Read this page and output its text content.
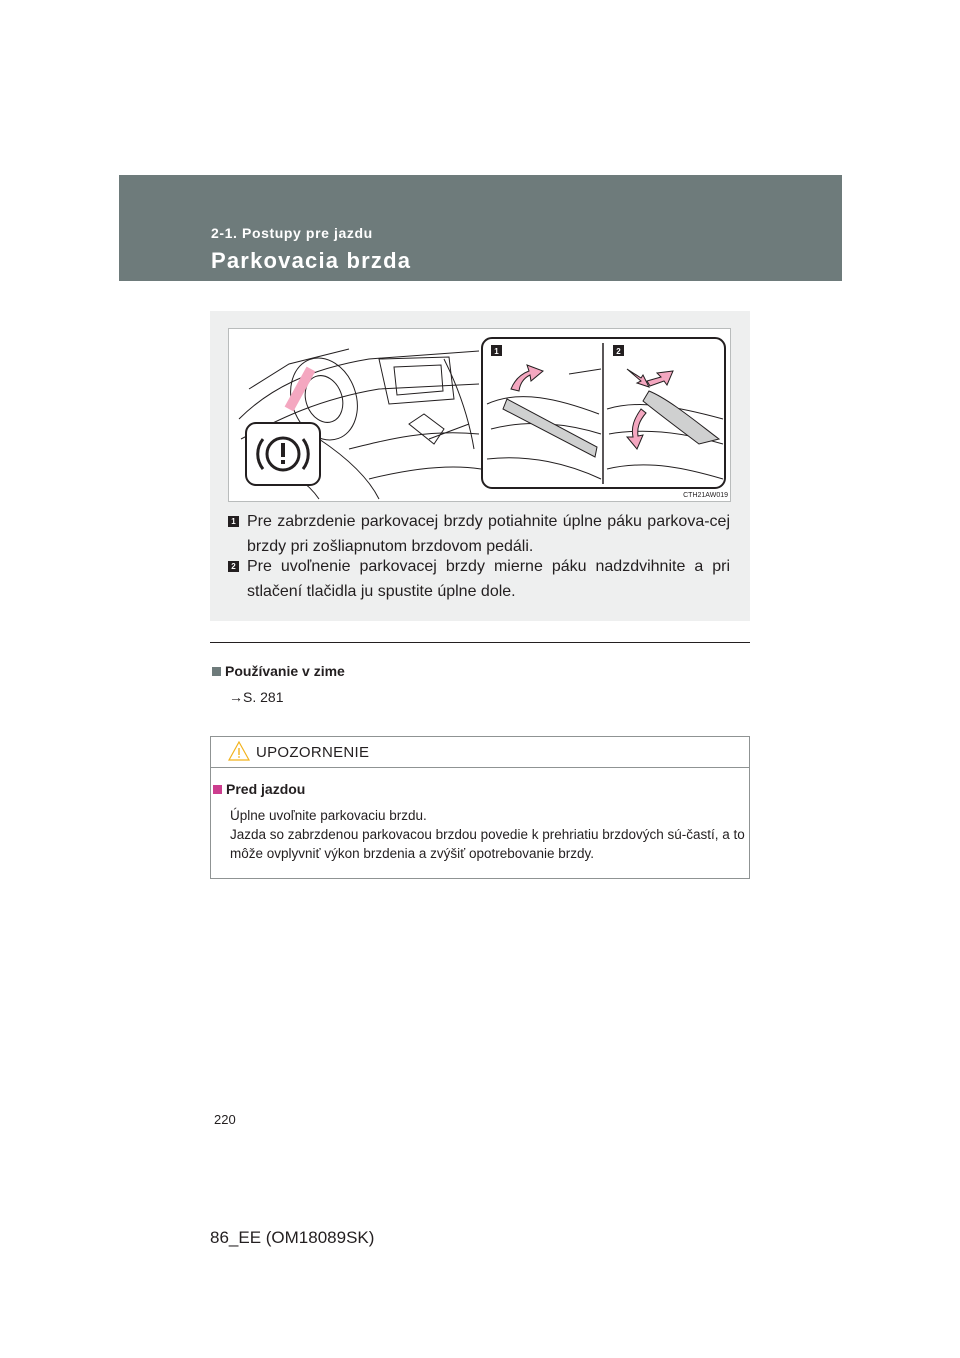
2-1. Postupy pre jazdu
Parkovacia brzda
1	2
CTH21AW019
1 Pre zabrzdenie parkovacej brzdy potiahnite úplne páku parkova-cej brzdy pri zošliapnutom brzdovom pedáli.
2 Pre uvoľnenie parkovacej brzdy mierne páku nadzdvihnite a pri stlačení tlačidla ju spustite úplne dole.
Používanie v zime
→S. 281
UPOZORNENIE
Pred jazdou

Úplne uvoľnite parkovaciu brzdu.

Jazda so zabrzdenou parkovacou brzdou povedie k prehriatiu brzdových sú-častí, a to môže ovplyvniť výkon brzdenia a zvýšiť opotrebovanie brzdy.

220
86_EE (OM18089SK)
